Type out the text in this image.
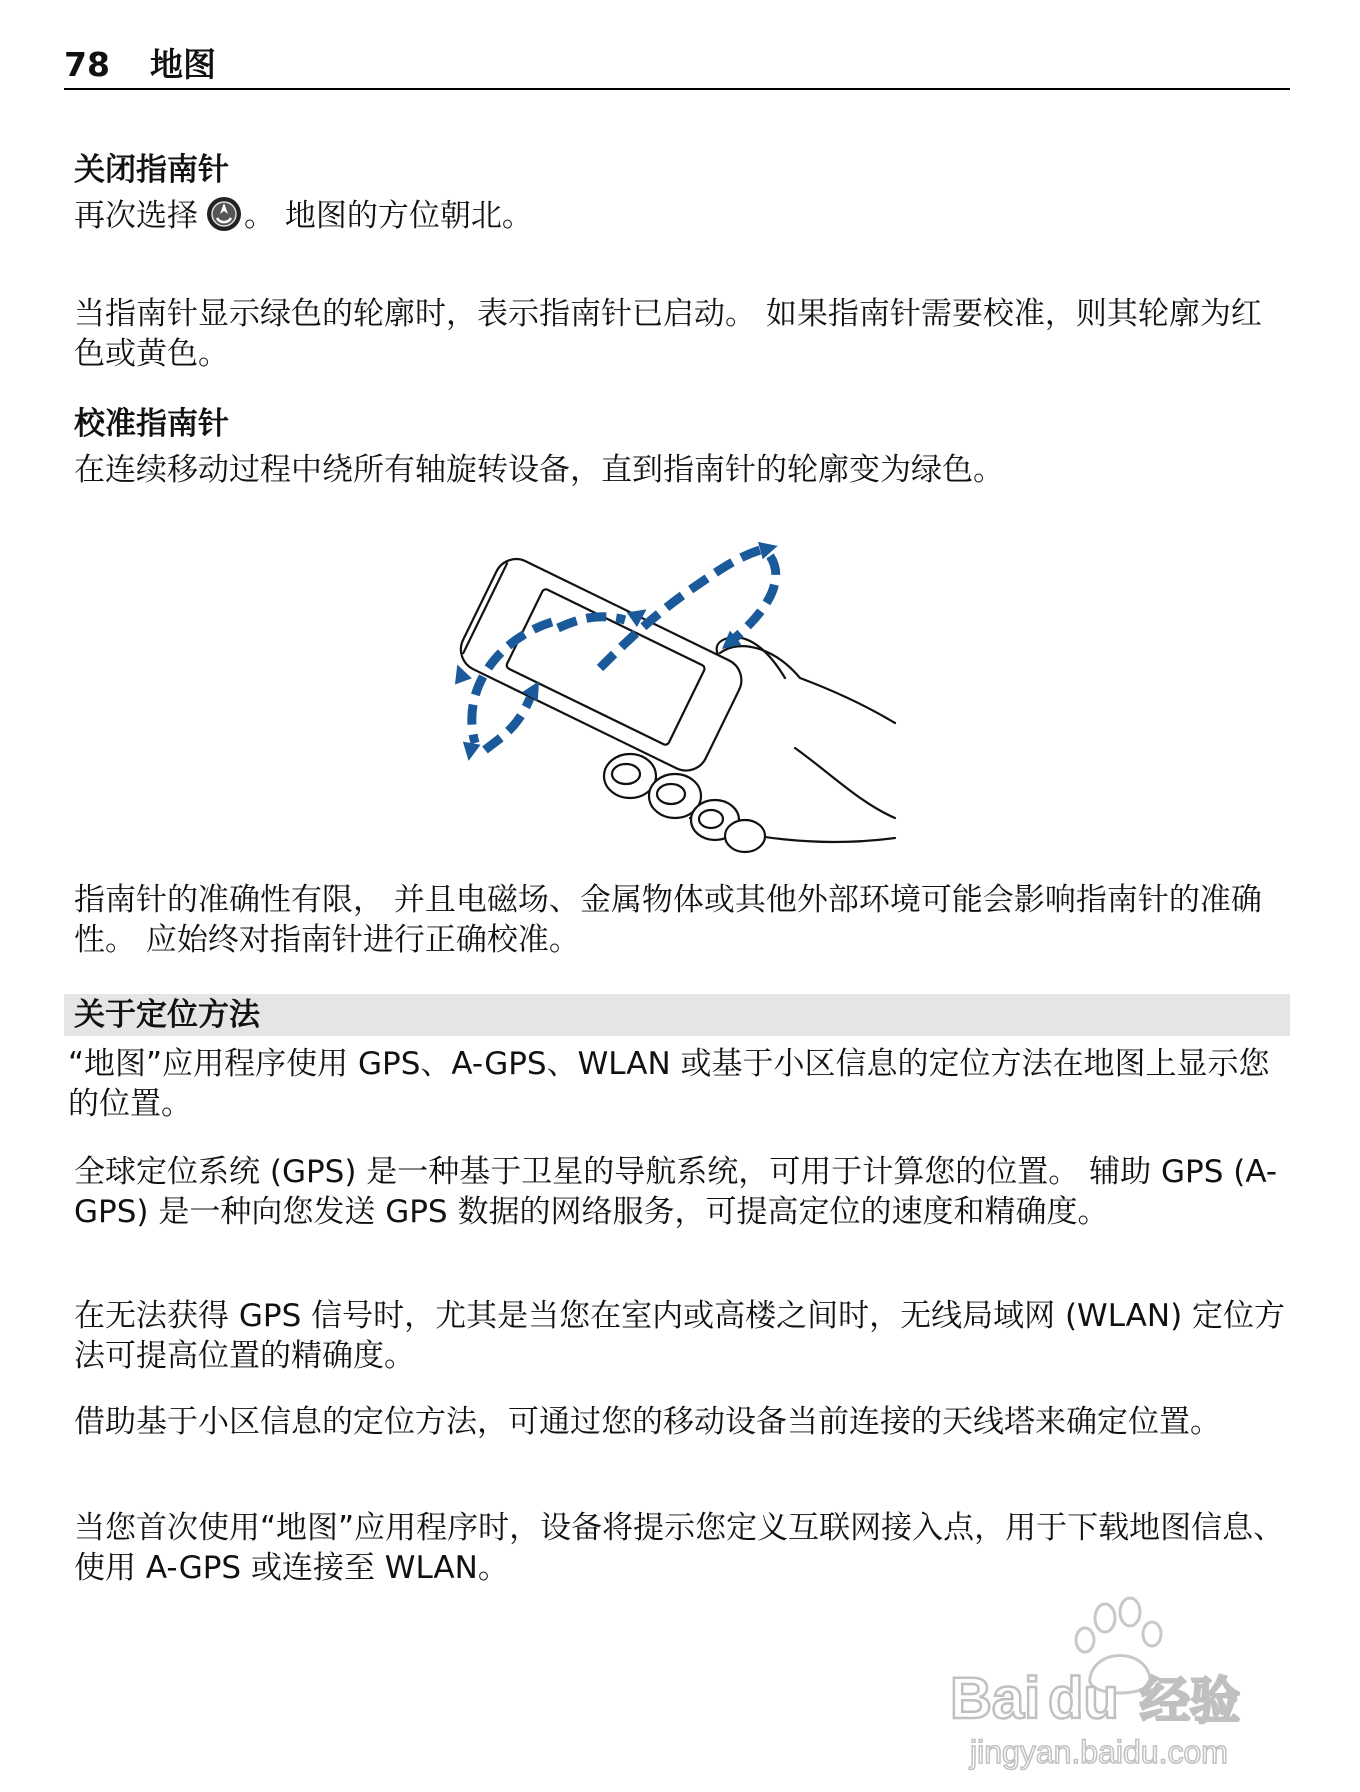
78 地图
关闭指南针
再次选择 。 地图的方位朝北。
当指南针显示绿色的轮廓时，表示指南针已启动。 如果指南针需要校准，则其轮廓为红色或黄色。
校准指南针
在连续移动过程中绕所有轴旋转设备，直到指南针的轮廓变为绿色。
指南针的准确性有限， 并且电磁场、金属物体或其他外部环境可能会影响指南针的准确性。 应始终对指南针进行正确校准。
关于定位方法
“地图”应用程序使用 GPS、A-GPS、WLAN 或基于小区信息的定位方法在地图上显示您的位置。
全球定位系统 (GPS) 是一种基于卫星的导航系统，可用于计算您的位置。 辅助 GPS (A-GPS) 是一种向您发送 GPS 数据的网络服务，可提高定位的速度和精确度。
在无法获得 GPS 信号时，尤其是当您在室内或高楼之间时，无线局域网 (WLAN) 定位方法可提高位置的精确度。
借助基于小区信息的定位方法，可通过您的移动设备当前连接的天线塔来确定位置。
当您首次使用“地图”应用程序时，设备将提示您定义互联网接入点，用于下载地图信息、使用 A-GPS 或连接至 WLAN。
Bai du 经验
jingyan.baidu.com
